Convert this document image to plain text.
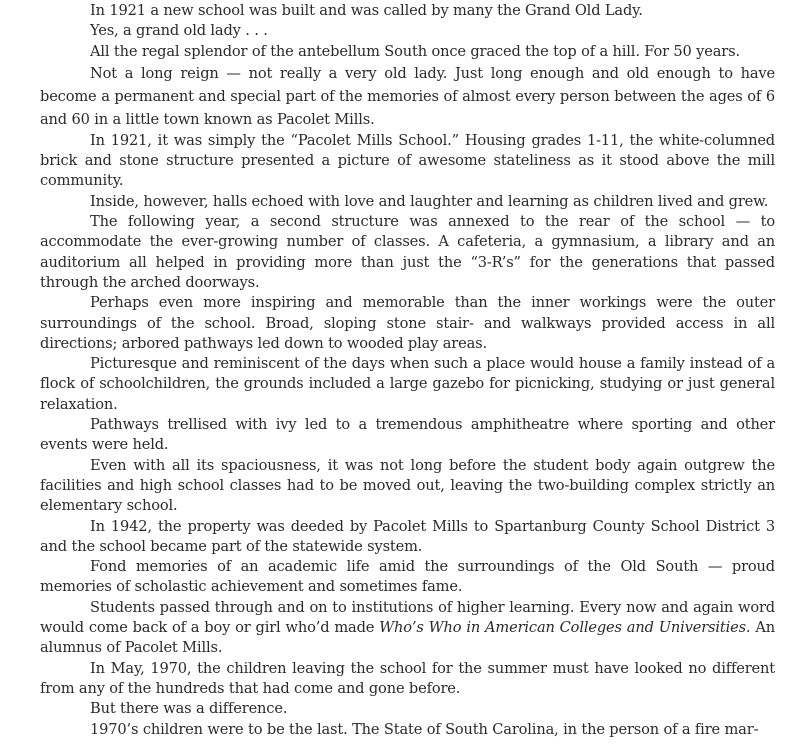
In 1921 a new school was built and was called by many the Grand Old Lady.

Yes, a grand old lady . . .

All the regal splendor of the antebellum South once graced the top of a hill. For 50 years.

Not a long reign — not really a very old lady. Just long enough and old enough to have become a permanent and special part of the memories of almost every person between the ages of 6 and 60 in a little town known as Pacolet Mills.

In 1921, it was simply the “Pacolet Mills School.” Housing grades 1-11, the white-columned brick and stone structure presented a picture of awesome stateliness as it stood above the mill community.

Inside, however, halls echoed with love and laughter and learning as children lived and grew.

The following year, a second structure was annexed to the rear of the school — to accommodate the ever-growing number of classes. A cafeteria, a gymnasium, a library and an auditorium all helped in providing more than just the “3-R’s” for the generations that passed through the arched doorways.

Perhaps even more inspiring and memorable than the inner workings were the outer surroundings of the school. Broad, sloping stone stair- and walkways provided access in all directions; arbored pathways led down to wooded play areas.

Picturesque and reminiscent of the days when such a place would house a family instead of a flock of schoolchildren, the grounds included a large gazebo for picnicking, studying or just general relaxation.

Pathways trellised with ivy led to a tremendous amphitheatre where sporting and other events were held.

Even with all its spaciousness, it was not long before the student body again outgrew the facilities and high school classes had to be moved out, leaving the two-building complex strictly an elementary school.

In 1942, the property was deeded by Pacolet Mills to Spartanburg County School District 3 and the school became part of the statewide system.

Fond memories of an academic life amid the surroundings of the Old South — proud memories of scholastic achievement and sometimes fame.

Students passed through and on to institutions of higher learning. Every now and again word would come back of a boy or girl who’d made Who’s Who in American Colleges and Universities. An alumnus of Pacolet Mills.

In May, 1970, the children leaving the school for the summer must have looked no different from any of the hundreds that had come and gone before.

But there was a difference.

1970’s children were to be the last. The State of South Carolina, in the person of a fire mar-
